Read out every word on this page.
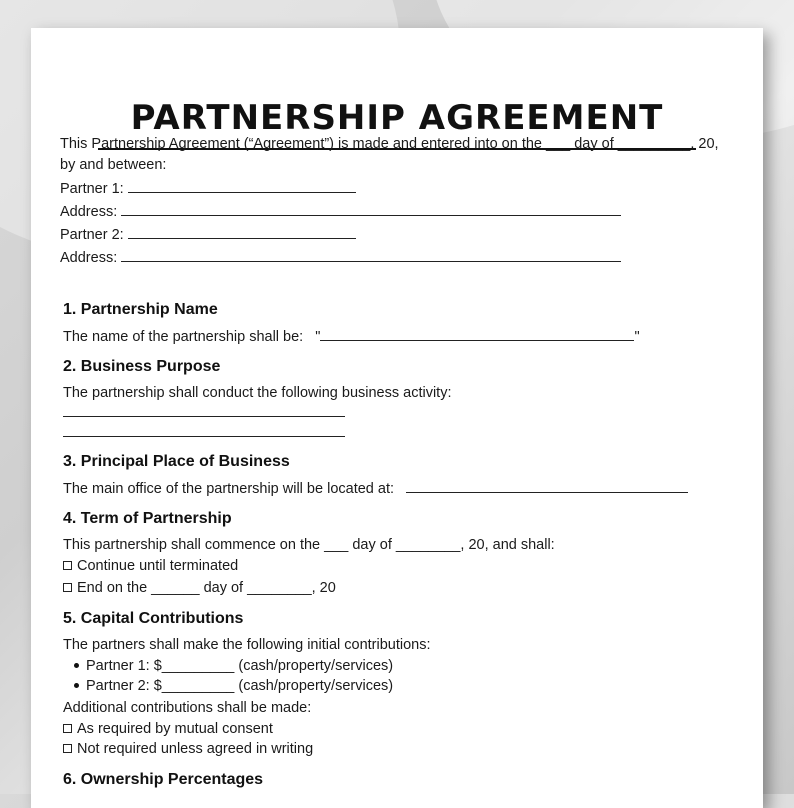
PARTNERSHIP AGREEMENT
This Partnership Agreement (“Agreement”) is made and entered into on the ___ day of _________, 20,
by and between:
Partner 1:
Address:
Partner 2:
Address:
1. Partnership Name
The name of the partnership shall be: "	"
2. Business Purpose
The partnership shall conduct the following business activity:
3. Principal Place of Business
The main office of the partnership will be located at:
4. Term of Partnership
This partnership shall commence on the ___ day of ________, 20, and shall:
Continue until terminated
End on the ______ day of ________, 20
5. Capital Contributions
The partners shall make the following initial contributions:
Partner 1: $_________ (cash/property/services)
Partner 2: $_________ (cash/property/services)
Additional contributions shall be made:
As required by mutual consent
Not required unless agreed in writing
6. Ownership Percentages
